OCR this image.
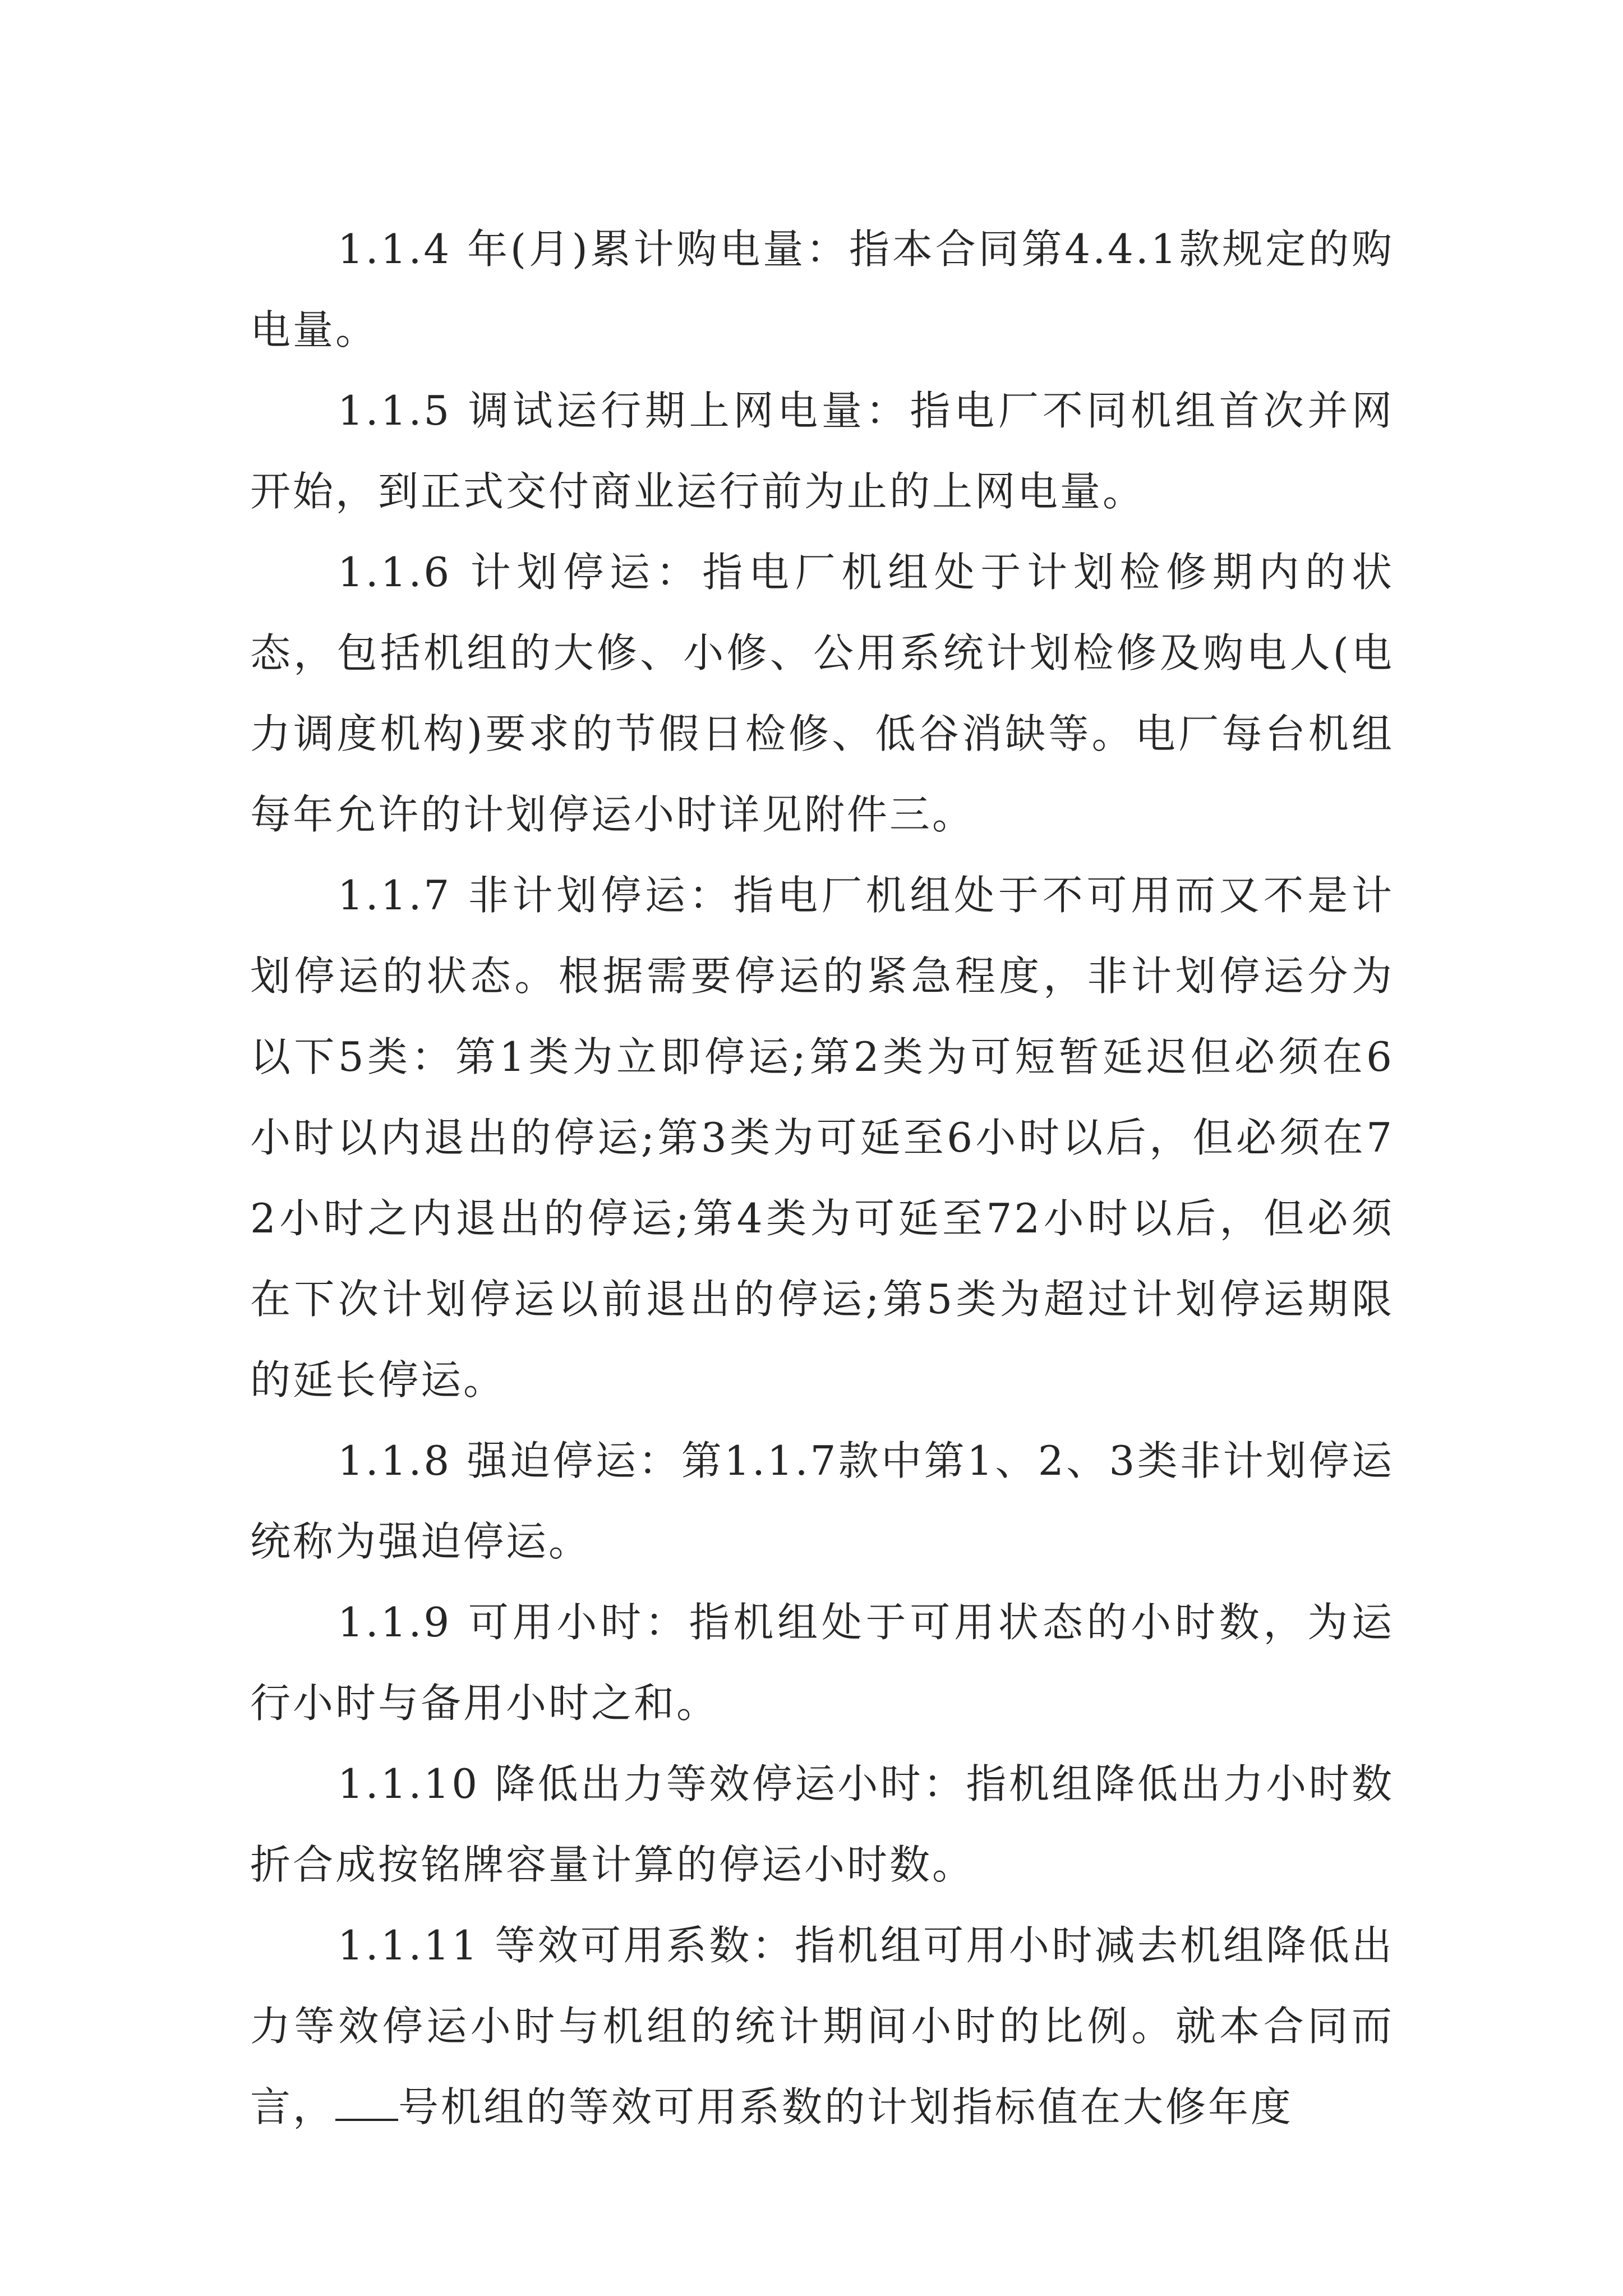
1.1.4 年(月)累计购电量：指本合同第4.4.1款规定的购电量。

1.1.5 调试运行期上网电量：指电厂不同机组首次并网开始，到正式交付商业运行前为止的上网电量。

1.1.6 计划停运：指电厂机组处于计划检修期内的状态，包括机组的大修、小修、公用系统计划检修及购电人(电力调度机构)要求的节假日检修、低谷消缺等。电厂每台机组每年允许的计划停运小时详见附件三。

1.1.7 非计划停运：指电厂机组处于不可用而又不是计划停运的状态。根据需要停运的紧急程度，非计划停运分为以下5类：第1类为立即停运;第2类为可短暂延迟但必须在6小时以内退出的停运;第3类为可延至6小时以后，但必须在72小时之内退出的停运;第4类为可延至72小时以后，但必须在下次计划停运以前退出的停运;第5类为超过计划停运期限的延长停运。

1.1.8 强迫停运：第1.1.7款中第1、2、3类非计划停运统称为强迫停运。

1.1.9 可用小时：指机组处于可用状态的小时数，为运行小时与备用小时之和。

1.1.10 降低出力等效停运小时：指机组降低出力小时数折合成按铭牌容量计算的停运小时数。

1.1.11 等效可用系数：指机组可用小时减去机组降低出力等效停运小时与机组的统计期间小时的比例。就本合同而言， 号机组的等效可用系数的计划指标值在大修年度
